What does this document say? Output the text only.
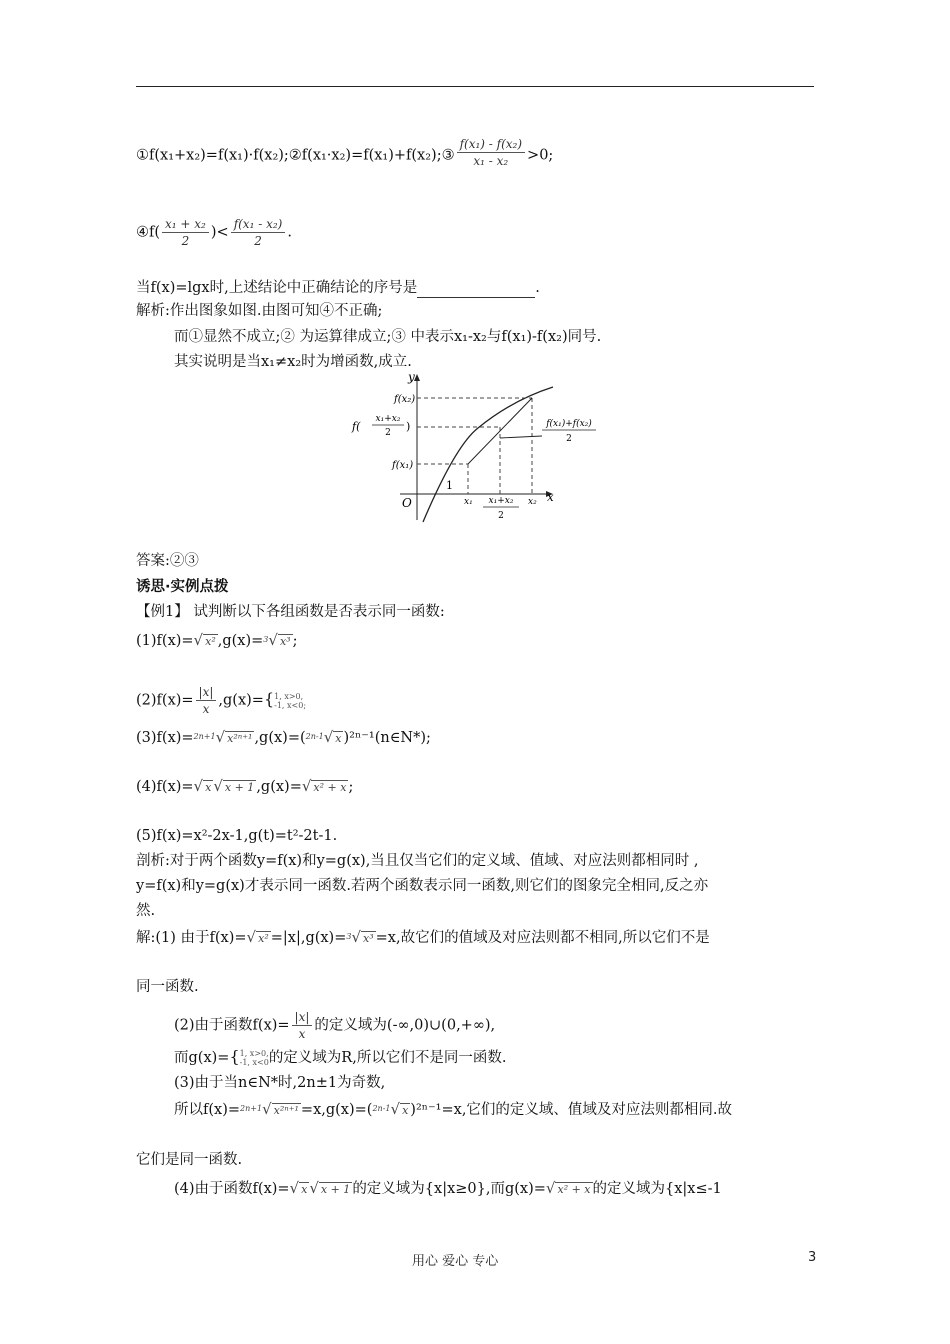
①f(x₁+x₂)=f(x₁)·f(x₂);②f(x₁·x₂)=f(x₁)+f(x₂);③ $\frac{\text{f(x₁) - f(x₂)}}{\text{x₁ - x₂}} >0$;
④f( $\frac{\text{x₁ + x₂}}{2}$ )< $\frac{\text{f(x₁ - x₂)}}{2}$ .
当f(x)=lgx时,上述结论中正确结论的序号是	.
解析:作出图象如图.由图可知④不正确;
而①显然不成立;② 为运算律成立;③ 中表示x₁-x₂与f(x₁)-f(x₂)同号.
其实说明是当x₁≠x₂时为增函数,成立.
y
x
O
1
f(x₂)
f(x₁)
f(
x₁+x₂
2 )	f(x₁)+f(x₂)
2
x₁ x₁+x₂
2
x₂
答案:②③
诱思·实例点拨
【例1】 试判断以下各组函数是否表示同一函数:
(1)f(x)=√ x² ,g(x)=$^3$√ x³ ;
$(2)f(x)= \frac{|x|}{x} ,g(x)=${ 1, x>0,
-1, x<0;
(3)f(x)=$^{2n+1}$√ x²ⁿ⁺¹ ,g(x)=($^{2n-1}$√ x )²ⁿ⁻¹(n∈N*);
(4)f(x)=√ x √ x + 1 ,g(x)=√ x² + x ;
(5)f(x)=x²-2x-1,g(t)=t²-2t-1.
剖析:对于两个函数y=f(x)和y=g(x),当且仅当它们的定义域、值域、对应法则都相同时 ,
y=f(x)和y=g(x)才表示同一函数.若两个函数表示同一函数,则它们的图象完全相同,反之亦
然.
解:(1) 由于f(x)=√ x² =|x|,g(x)=$^3$√ x³ =x,故它们的值域及对应法则都不相同,所以它们不是
同一函数.
(2)由于函数$f(x)= \frac{|x|}{x}$ 的定义域为(-∞,0)∪(0,+∞),
而g(x)={ 1, x>0,
-1, x<0 的定义域为R,所以它们不是同一函数.
(3)由于当n∈N*时,2n±1为奇数,
所以f(x)=$^{2n+1}$√ x²ⁿ⁺¹ =x,g(x)=($^{2n-1}$√ x )²ⁿ⁻¹=x,它们的定义域、值域及对应法则都相同.故
它们是同一函数.
(4)由于函数f(x)=√ x √ x + 1 的定义域为{x|x≥0},而g(x)=√ x² + x 的定义域为{x|x≤-1
用心 爱心 专心	3
